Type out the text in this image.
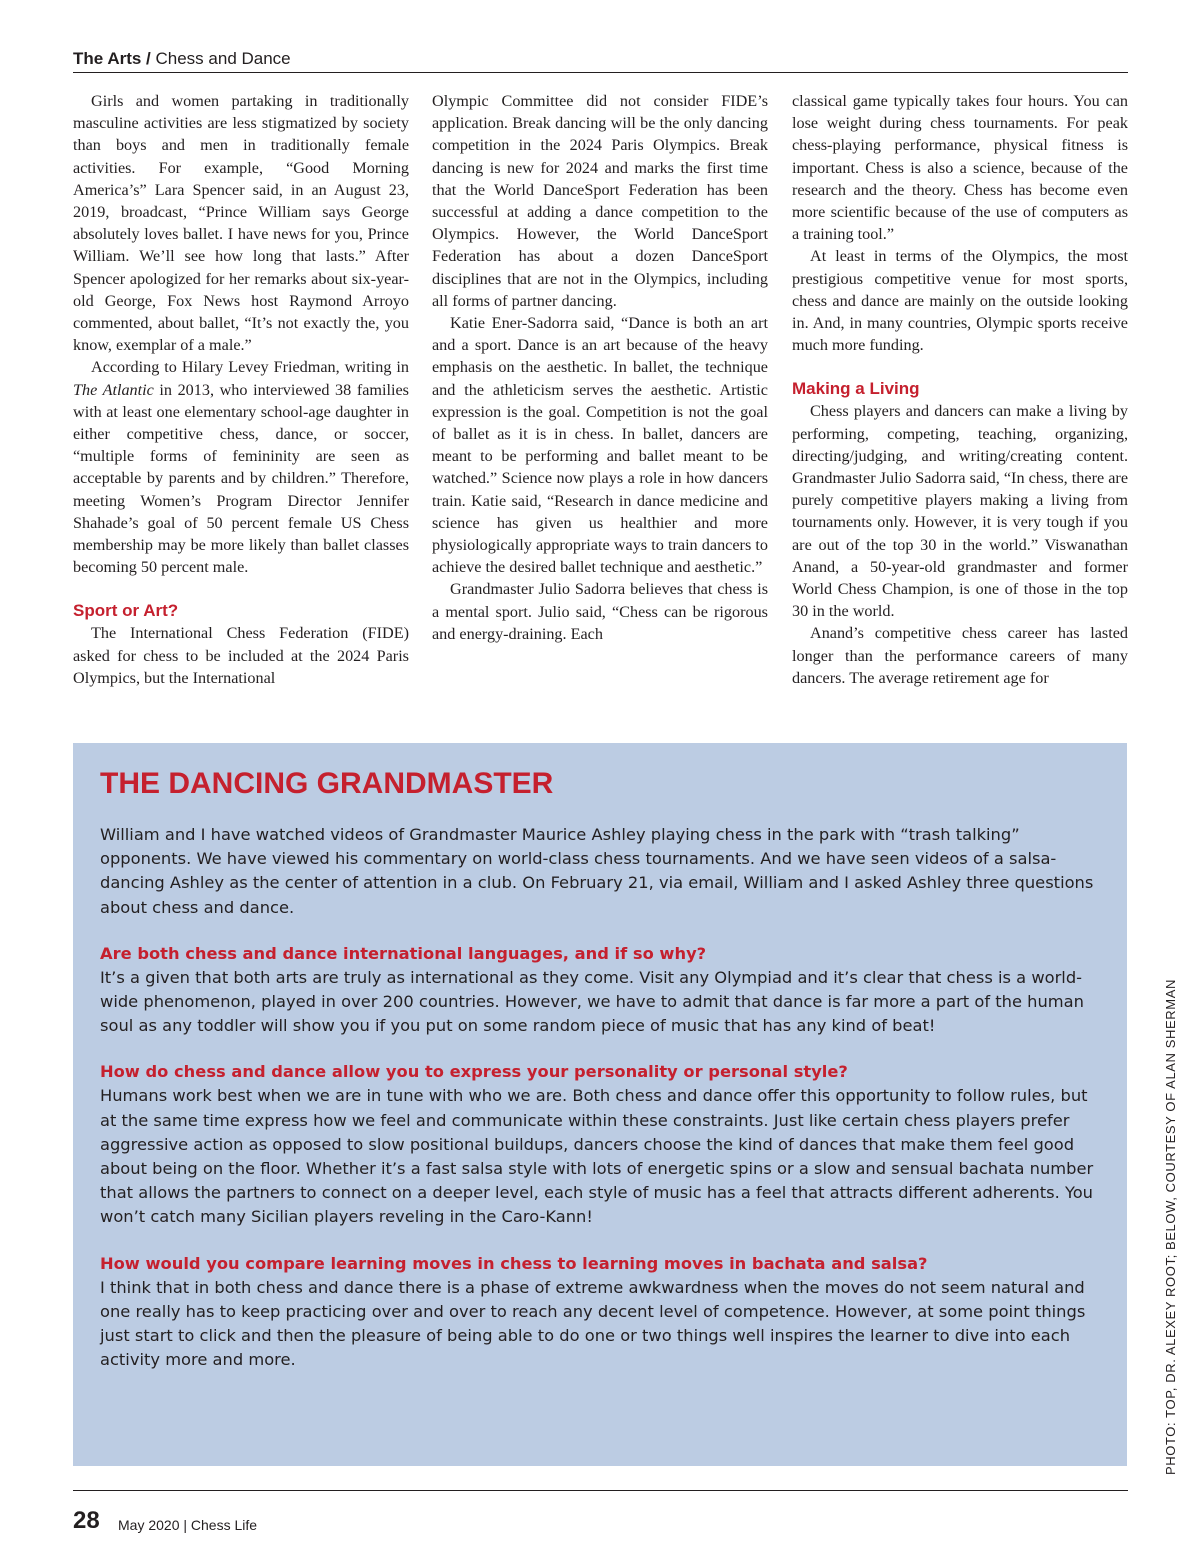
The Arts / Chess and Dance

Girls and women partaking in traditionally masculine activities are less stigmatized by society than boys and men in traditionally female activities. For example, “Good Morning America’s” Lara Spencer said, in an August 23, 2019, broadcast, “Prince William says George absolutely loves ballet. I have news for you, Prince William. We’ll see how long that lasts.” After Spencer apologized for her remarks about six-year-old George, Fox News host Raymond Arroyo commented, about ballet, “It’s not exactly the, you know, exemplar of a male.”

According to Hilary Levey Friedman, writing in The Atlantic in 2013, who interviewed 38 families with at least one elementary school-age daughter in either competitive chess, dance, or soccer, “multiple forms of femininity are seen as acceptable by parents and by children.” Therefore, meeting Women’s Program Director Jennifer Shahade’s goal of 50 percent female US Chess membership may be more likely than ballet classes becoming 50 percent male.

Sport or Art?

The International Chess Federation (FIDE) asked for chess to be included at the 2024 Paris Olympics, but the International

Olympic Committee did not consider FIDE’s application. Break dancing will be the only dancing competition in the 2024 Paris Olympics. Break dancing is new for 2024 and marks the first time that the World DanceSport Federation has been successful at adding a dance competition to the Olympics. However, the World DanceSport Federation has about a dozen DanceSport disciplines that are not in the Olympics, including all forms of partner dancing.

Katie Ener-Sadorra said, “Dance is both an art and a sport. Dance is an art because of the heavy emphasis on the aesthetic. In ballet, the technique and the athleticism serves the aesthetic. Artistic expression is the goal. Competition is not the goal of ballet as it is in chess. In ballet, dancers are meant to be performing and ballet meant to be watched.” Science now plays a role in how dancers train. Katie said, “Research in dance medicine and science has given us healthier and more physiologically appropriate ways to train dancers to achieve the desired ballet technique and aesthetic.”

Grandmaster Julio Sadorra believes that chess is a mental sport. Julio said, “Chess can be rigorous and energy-draining. Each

classical game typically takes four hours. You can lose weight during chess tournaments. For peak chess-playing performance, physical fitness is important. Chess is also a science, because of the research and the theory. Chess has become even more scientific because of the use of computers as a training tool.”

At least in terms of the Olympics, the most prestigious competitive venue for most sports, chess and dance are mainly on the outside looking in. And, in many countries, Olympic sports receive much more funding.

Making a Living

Chess players and dancers can make a living by performing, competing, teaching, organizing, directing/judging, and writing/creating content. Grandmaster Julio Sadorra said, “In chess, there are purely competitive players making a living from tournaments only. However, it is very tough if you are out of the top 30 in the world.” Viswanathan Anand, a 50-year-old grandmaster and former World Chess Champion, is one of those in the top 30 in the world.

Anand’s competitive chess career has lasted longer than the performance careers of many dancers. The average retirement age for

THE DANCING GRANDMASTER

William and I have watched videos of Grandmaster Maurice Ashley playing chess in the park with “trash talking” opponents. We have viewed his commentary on world-class chess tournaments. And we have seen videos of a salsa-dancing Ashley as the center of attention in a club. On February 21, via email, William and I asked Ashley three questions about chess and dance.

Are both chess and dance international languages, and if so why?

It’s a given that both arts are truly as international as they come. Visit any Olympiad and it’s clear that chess is a world-wide phenomenon, played in over 200 countries. However, we have to admit that dance is far more a part of the human soul as any toddler will show you if you put on some random piece of music that has any kind of beat!

How do chess and dance allow you to express your personality or personal style?

Humans work best when we are in tune with who we are. Both chess and dance offer this opportunity to follow rules, but at the same time express how we feel and communicate within these constraints. Just like certain chess players prefer aggressive action as opposed to slow positional buildups, dancers choose the kind of dances that make them feel good about being on the floor. Whether it’s a fast salsa style with lots of energetic spins or a slow and sensual bachata number that allows the partners to connect on a deeper level, each style of music has a feel that attracts different adherents. You won’t catch many Sicilian players reveling in the Caro-Kann!

How would you compare learning moves in chess to learning moves in bachata and salsa?

I think that in both chess and dance there is a phase of extreme awkwardness when the moves do not seem natural and one really has to keep practicing over and over to reach any decent level of competence. However, at some point things just start to click and then the pleasure of being able to do one or two things well inspires the learner to dive into each activity more and more.	PHOTO: TOP, DR. ALEXEY ROOT; BELOW, COURTESY OF ALAN SHERMAN
28 May 2020 | Chess Life
